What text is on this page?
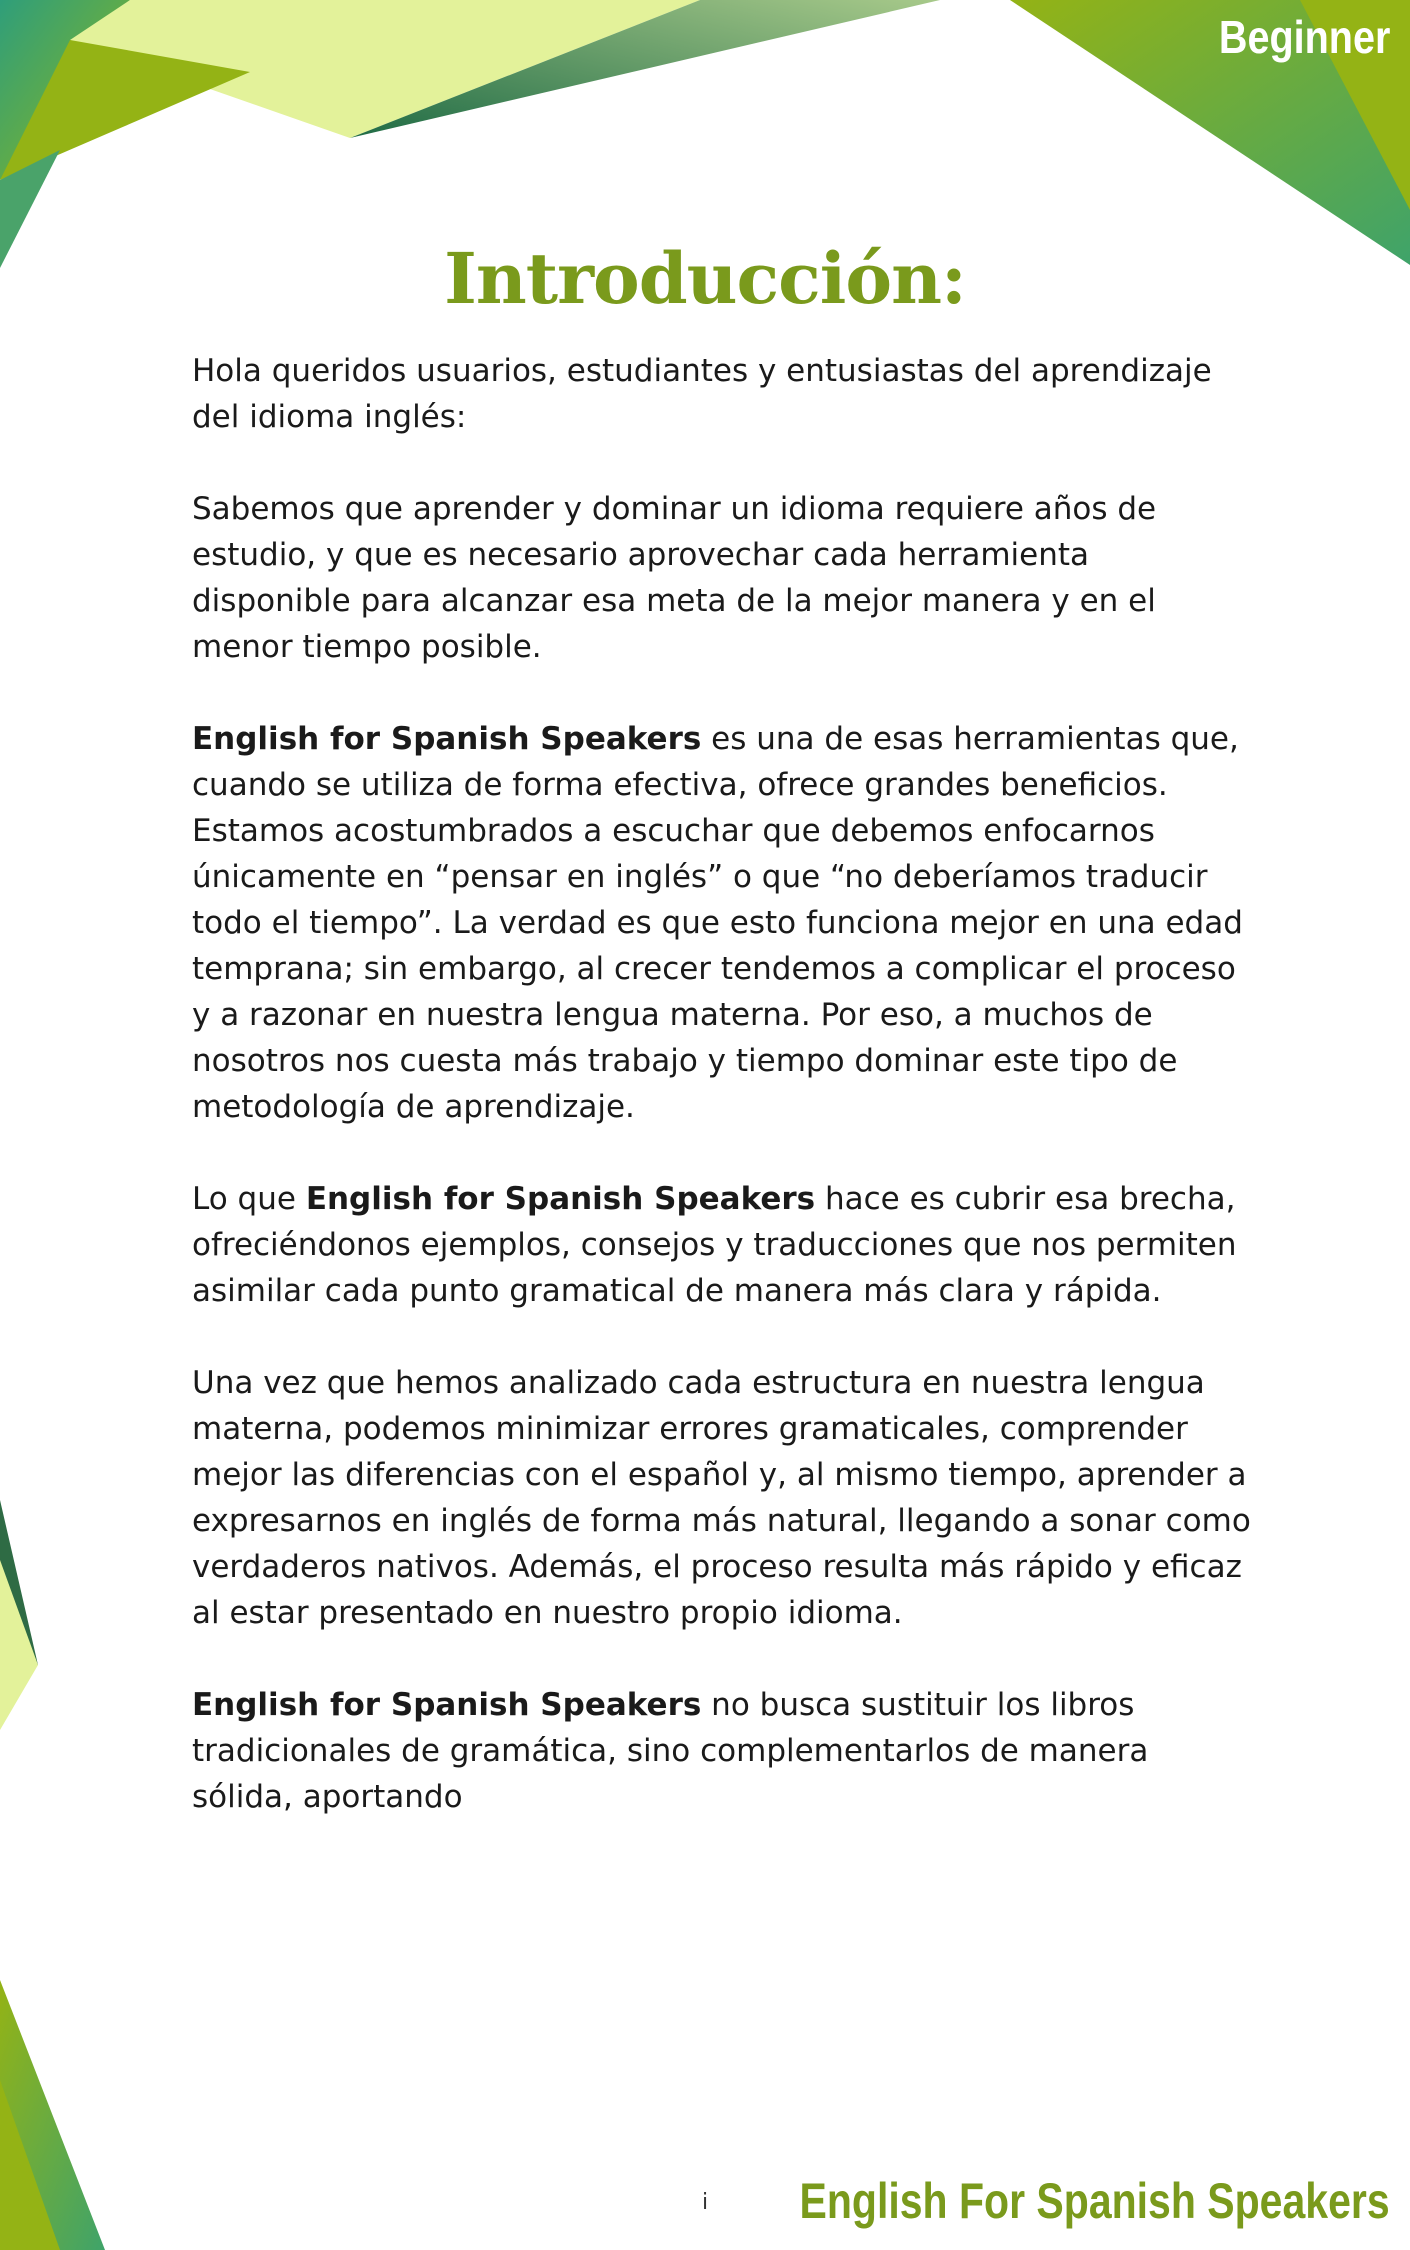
Beginner
Introducción:

Hola queridos usuarios, estudiantes y entusiastas del aprendizaje del idioma inglés:

Sabemos que aprender y dominar un idioma requiere años de estudio, y que es necesario aprovechar cada herramienta disponible para alcanzar esa meta de la mejor manera y en el menor tiempo posible.

English for Spanish Speakers es una de esas herramientas que, cuando se utiliza de forma efectiva, ofrece grandes beneficios. Estamos acostumbrados a escuchar que debemos enfocarnos únicamente en “pensar en inglés” o que “no deberíamos traducir todo el tiempo”. La verdad es que esto funciona mejor en una edad temprana; sin embargo, al crecer tendemos a complicar el proceso y a razonar en nuestra lengua materna. Por eso, a muchos de nosotros nos cuesta más trabajo y tiempo dominar este tipo de metodología de aprendizaje.

Lo que English for Spanish Speakers hace es cubrir esa brecha, ofreciéndonos ejemplos, consejos y traducciones que nos permiten asimilar cada punto gramatical de manera más clara y rápida.

Una vez que hemos analizado cada estructura en nuestra lengua materna, podemos minimizar errores gramaticales, comprender mejor las diferencias con el español y, al mismo tiempo, aprender a expresarnos en inglés de forma más natural, llegando a sonar como verdaderos nativos. Además, el proceso resulta más rápido y eficaz al estar presentado en nuestro propio idioma.

English for Spanish Speakers no busca sustituir los libros tradicionales de gramática, sino complementarlos de manera sólida, aportando

i English For Spanish Speakers
